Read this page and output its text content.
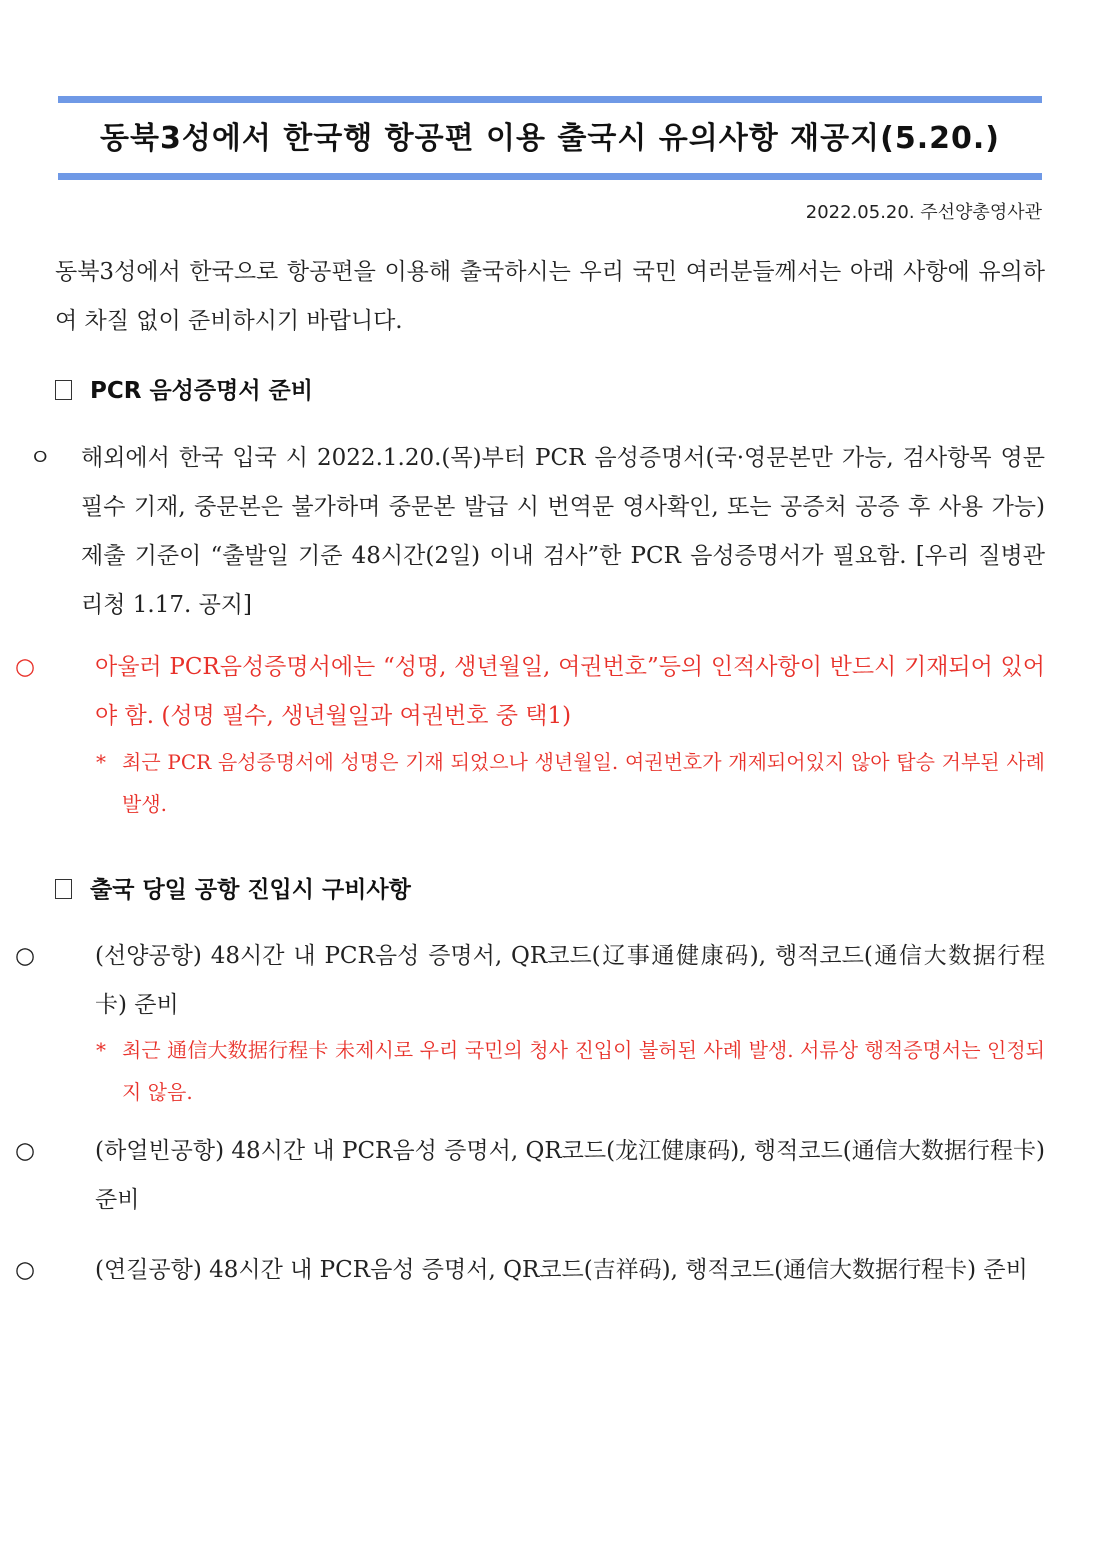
동북3성에서 한국행 항공편 이용 출국시 유의사항 재공지(5.20.)
2022.05.20. 주선양총영사관
동북3성에서 한국으로 항공편을 이용해 출국하시는 우리 국민 여러분들께서는 아래 사항에 유의하여 차질 없이 준비하시기 바랍니다.
PCR 음성증명서 준비
ㅇ 해외에서 한국 입국 시 2022.1.20.(목)부터 PCR 음성증명서(국·영문본만 가능, 검사항목 영문 필수 기재, 중문본은 불가하며 중문본 발급 시 번역문 영사확인, 또는 공증처 공증 후 사용 가능) 제출 기준이 “출발일 기준 48시간(2일) 이내 검사”한 PCR 음성증명서가 필요함. [우리 질병관리청 1.17. 공지]
○	아울러 PCR음성증명서에는 “성명, 생년월일, 여권번호”등의 인적사항이 반드시 기재되어 있어야 함. (성명 필수, 생년월일과 여권번호 중 택1)
* 최근 PCR 음성증명서에 성명은 기재 되었으나 생년월일. 여권번호가 개제되어있지 않아 탑승 거부된 사례 발생.
출국 당일 공항 진입시 구비사항
○	(선양공항) 48시간 내 PCR음성 증명서, QR코드(辽事通健康码), 행적코드(通信大数据行程卡) 준비
* 최근 通信大数据行程卡 未제시로 우리 국민의 청사 진입이 불허된 사례 발생. 서류상 행적증명서는 인정되지 않음.
○	(하얼빈공항) 48시간 내 PCR음성 증명서, QR코드(龙江健康码), 행적코드(通信大数据行程卡) 준비
○	(연길공항) 48시간 내 PCR음성 증명서, QR코드(吉祥码), 행적코드(通信大数据行程卡) 준비
